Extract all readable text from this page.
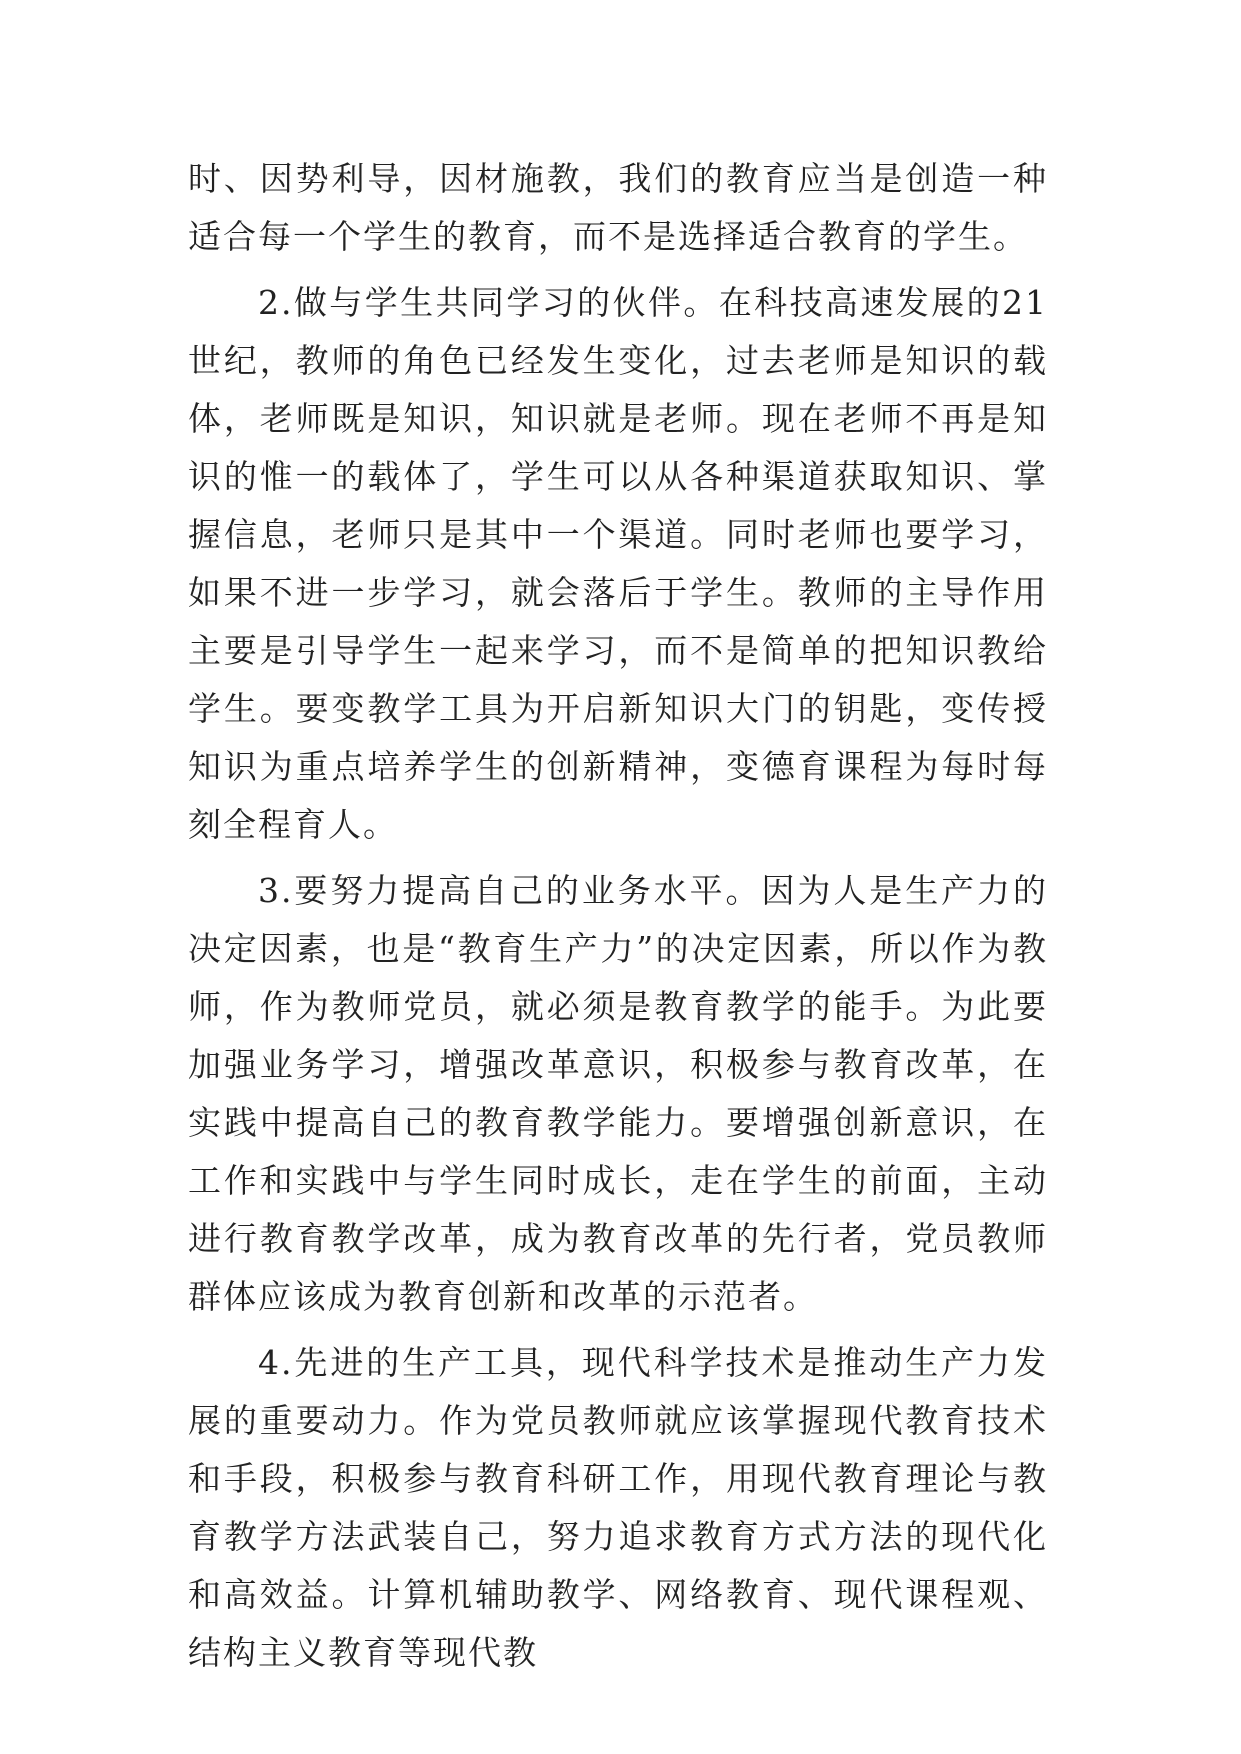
时、因势利导，因材施教，我们的教育应当是创造一种适合每一个学生的教育，而不是选择适合教育的学生。

2.做与学生共同学习的伙伴。在科技高速发展的21世纪，教师的角色已经发生变化，过去老师是知识的载体，老师既是知识，知识就是老师。现在老师不再是知识的惟一的载体了，学生可以从各种渠道获取知识、掌握信息，老师只是其中一个渠道。同时老师也要学习，如果不进一步学习，就会落后于学生。教师的主导作用主要是引导学生一起来学习，而不是简单的把知识教给学生。要变教学工具为开启新知识大门的钥匙，变传授知识为重点培养学生的创新精神，变德育课程为每时每刻全程育人。

3.要努力提高自己的业务水平。因为人是生产力的决定因素，也是“教育生产力”的决定因素，所以作为教师，作为教师党员，就必须是教育教学的能手。为此要加强业务学习，增强改革意识，积极参与教育改革，在实践中提高自己的教育教学能力。要增强创新意识，在工作和实践中与学生同时成长，走在学生的前面，主动进行教育教学改革，成为教育改革的先行者，党员教师群体应该成为教育创新和改革的示范者。

4.先进的生产工具，现代科学技术是推动生产力发展的重要动力。作为党员教师就应该掌握现代教育技术和手段，积极参与教育科研工作，用现代教育理论与教育教学方法武装自己，努力追求教育方式方法的现代化和高效益。计算机辅助教学、网络教育、现代课程观、结构主义教育等现代教
